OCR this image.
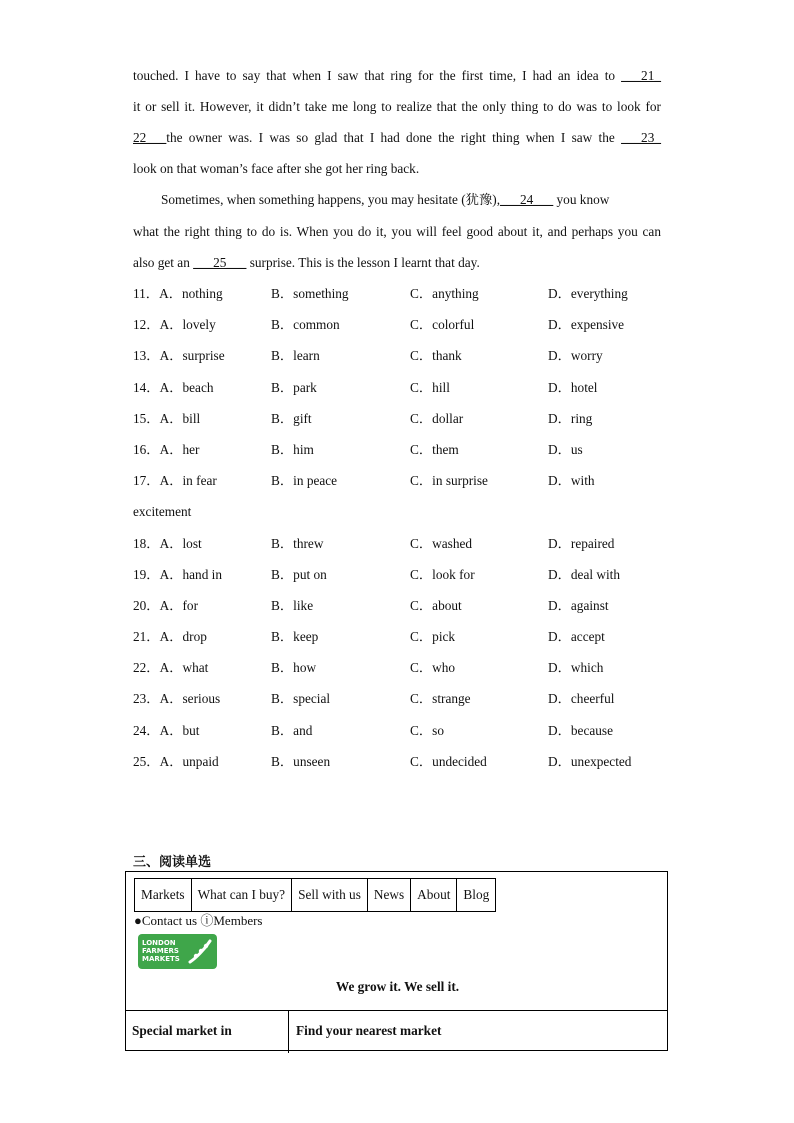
touched. I have to say that when I saw that ring for the first time, I had an idea to ___21_
it or sell it. However, it didn’t take me long to realize that the only thing to do was to look for
22___the owner was. I was so glad that I had done the right thing when I saw the ___23_
look on that woman’s face after she got her ring back.
Sometimes, when something happens, you may hesitate (犹豫),___24___ you know
what the right thing to do is. When you do it, you will feel good about it, and perhaps you can
also get an ___25___ surprise. This is the lesson I learnt that day.
11．A．nothing	B．something	C．anything	D．everything
12．A．lovely	B．common	C．colorful	D．expensive
13．A．surprise	B．learn	C．thank	D．worry
14．A．beach	B．park	C．hill	D．hotel
15．A．bill	B．gift	C．dollar	D．ring
16．A．her	B．him	C．them	D．us
17．A．in fear	B．in peace	C．in surprise	D．with
excitement
18．A．lost	B．threw	C．washed	D．repaired
19．A．hand in	B．put on	C．look for	D．deal with
20．A．for	B．like	C．about	D．against
21．A．drop	B．keep	C．pick	D．accept
22．A．what	B．how	C．who	D．which
23．A．serious	B．special	C．strange	D．cheerful
24．A．but	B．and	C．so	D．because
25．A．unpaid	B．unseen	C．undecided	D．unexpected
三、阅读单选
Markets What can I buy? Sell with us News About Blog
●Contact us ⓘMembers
LONDON
FARMERS
MARKETS
We grow it. We sell it.
Special market in	Find your nearest market
